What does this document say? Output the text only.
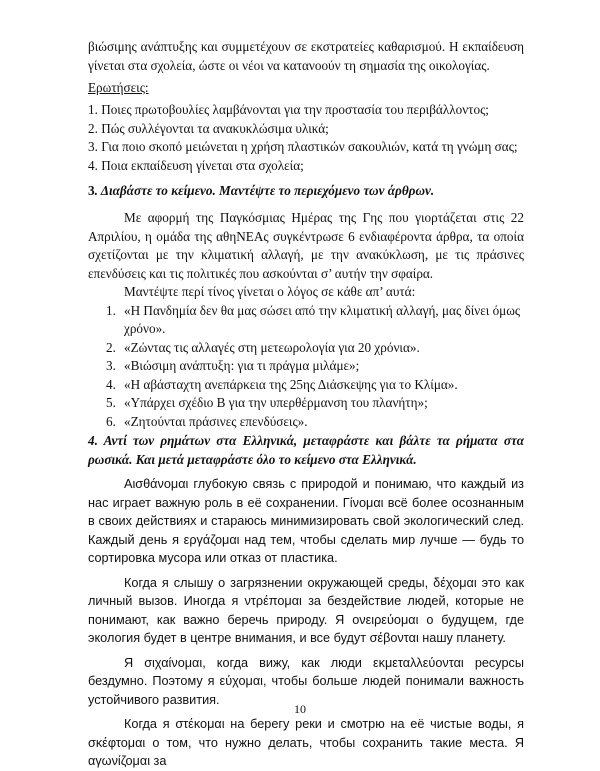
βιώσιμης ανάπτυξης και συμμετέχουν σε εκστρατείες καθαρισμού. Η εκπαίδευση γίνεται στα σχολεία, ώστε οι νέοι να κατανοούν τη σημασία της οικολογίας.

Ερωτήσεις:

1. Ποιες πρωτοβουλίες λαμβάνονται για την προστασία του περιβάλλοντος;
2. Πώς συλλέγονται τα ανακυκλώσιμα υλικά;
3. Για ποιο σκοπό μειώνεται η χρήση πλαστικών σακουλιών, κατά τη γνώμη σας;
4. Ποια εκπαίδευση γίνεται στα σχολεία;

3. Διαβάστε το κείμενο. Μαντέψτε το περιεχόμενο των άρθρων.

Με αφορμή της Παγκόσμιας Ημέρας της Γης που γιορτάζεται στις 22 Απριλίου, η ομάδα της αθηΝΕΑς συγκέντρωσε 6 ενδιαφέροντα άρθρα, τα οποία σχετίζονται με την κλιματική αλλαγή, με την ανακύκλωση, με τις πράσινες επενδύσεις και τις πολιτικές που ασκούνται σ’ αυτήν την σφαίρα.

Μαντέψτε περί τίνος γίνεται ο λόγος σε κάθε απ’ αυτά:

1. «Η Πανδημία δεν θα μας σώσει από την κλιματική αλλαγή, μας δίνει όμως χρόνο».
2. «Ζώντας τις αλλαγές στη μετεωρολογία για 20 χρόνια».
3. «Βιώσιμη ανάπτυξη: για τι πράγμα μιλάμε»;
4. «Η αβάσταχτη ανεπάρκεια της 25ης Διάσκεψης για το Κλίμα».
5. «Υπάρχει σχέδιο Β για την υπερθέρμανση του πλανήτη»;
6. «Ζητούνται πράσινες επενδύσεις».

4. Αντί των ρημάτων στα Ελληνικά, μεταφράστε και βάλτε τα ρήματα στα ρωσικά. Και μετά μεταφράστε όλο το κείμενο στα Ελληνικά.

Αισθάνομαι глубокую связь с природой и понимаю, что каждый из нас играет важную роль в её сохранении. Γίνομαι всё более осознанным в своих действиях и стараюсь минимизировать свой экологический след. Каждый день я εργάζομαι над тем, чтобы сделать мир лучше — будь то сортировка мусора или отказ от пластика.

Когда я слышу о загрязнении окружающей среды, δέχομαι это как личный вызов. Иногда я ντρέπομαι за бездействие людей, которые не понимают, как важно беречь природу. Я ονειρεύομαι о будущем, где экология будет в центре внимания, и все будут σέβονται нашу планету.

Я σιχαίνομαι, когда вижу, как люди εκμεταλλεύονται ресурсы бездумно. Поэтому я εύχομαι, чтобы больше людей понимали важность устойчивого развития.

Когда я στέκομαι на берегу реки и смотрю на её чистые воды, я σκέφτομαι о том, что нужно делать, чтобы сохранить такие места. Я αγωνίζομαι за

10
